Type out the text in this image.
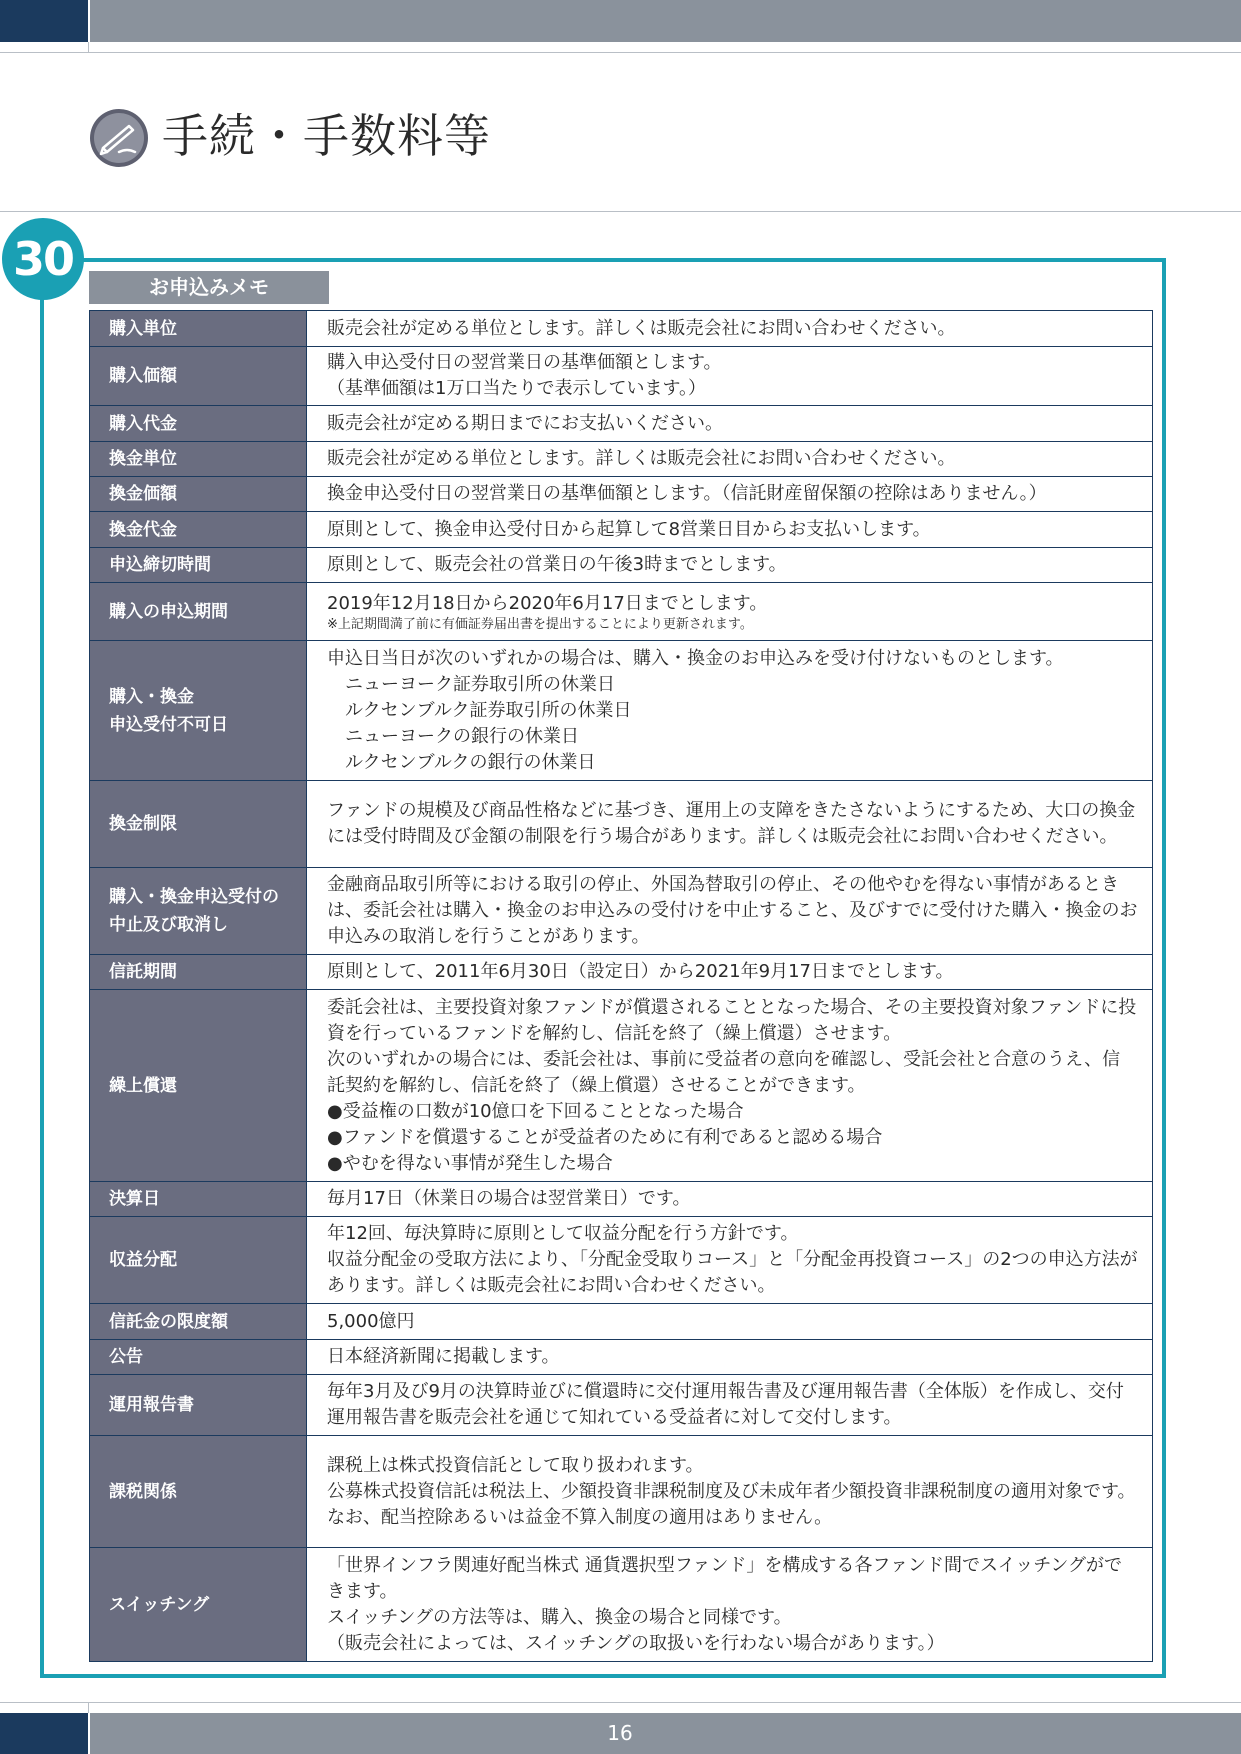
手続・手数料等
30
お申込みメモ
購入単位	販売会社が定める単位とします。詳しくは販売会社にお問い合わせください。
購入価額	購入申込受付日の翌営業日の基準価額とします。
（基準価額は1万口当たりで表示しています。）
購入代金	販売会社が定める期日までにお支払いください。
換金単位	販売会社が定める単位とします。詳しくは販売会社にお問い合わせください。
換金価額	換金申込受付日の翌営業日の基準価額とします。（信託財産留保額の控除はありません。）
換金代金	原則として、換金申込受付日から起算して8営業日目からお支払いします。
申込締切時間	原則として、販売会社の営業日の午後3時までとします。
購入の申込期間	2019年12月18日から2020年6月17日までとします。
※上記期間満了前に有価証券届出書を提出することにより更新されます。

購入・換金
申込受付不可日	申込日当日が次のいずれかの場合は、購入・換金のお申込みを受け付けないものとします。
　ニューヨーク証券取引所の休業日
　ルクセンブルク証券取引所の休業日
　ニューヨークの銀行の休業日
　ルクセンブルクの銀行の休業日
換金制限	ファンドの規模及び商品性格などに基づき、運用上の支障をきたさないようにするため、大口の換金には受付時間及び金額の制限を行う場合があります。詳しくは販売会社にお問い合わせください。
購入・換金申込受付の
中止及び取消し	金融商品取引所等における取引の停止、外国為替取引の停止、その他やむを得ない事情があるときは、委託会社は購入・換金のお申込みの受付けを中止すること、及びすでに受付けた購入・換金のお申込みの取消しを行うことがあります。
信託期間	原則として、2011年6月30日（設定日）から2021年9月17日までとします。
繰上償還	委託会社は、主要投資対象ファンドが償還されることとなった場合、その主要投資対象ファンドに投資を行っているファンドを解約し、信託を終了（繰上償還）させます。
次のいずれかの場合には、委託会社は、事前に受益者の意向を確認し、受託会社と合意のうえ、信託契約を解約し、信託を終了（繰上償還）させることができます。
●受益権の口数が10億口を下回ることとなった場合
●ファンドを償還することが受益者のために有利であると認める場合
●やむを得ない事情が発生した場合
決算日	毎月17日（休業日の場合は翌営業日）です。
収益分配	年12回、毎決算時に原則として収益分配を行う方針です。
収益分配金の受取方法により、「分配金受取りコース」と「分配金再投資コース」の2つの申込方法があります。詳しくは販売会社にお問い合わせください。
信託金の限度額	5,000億円
公告	日本経済新聞に掲載します。
運用報告書	毎年3月及び9月の決算時並びに償還時に交付運用報告書及び運用報告書（全体版）を作成し、交付運用報告書を販売会社を通じて知れている受益者に対して交付します。
課税関係	課税上は株式投資信託として取り扱われます。
公募株式投資信託は税法上、少額投資非課税制度及び未成年者少額投資非課税制度の適用対象です。
なお、配当控除あるいは益金不算入制度の適用はありません。
スイッチング	「世界インフラ関連好配当株式 通貨選択型ファンド」を構成する各ファンド間でスイッチングができます。
スイッチングの方法等は、購入、換金の場合と同様です。
（販売会社によっては、スイッチングの取扱いを行わない場合があります。）
16
